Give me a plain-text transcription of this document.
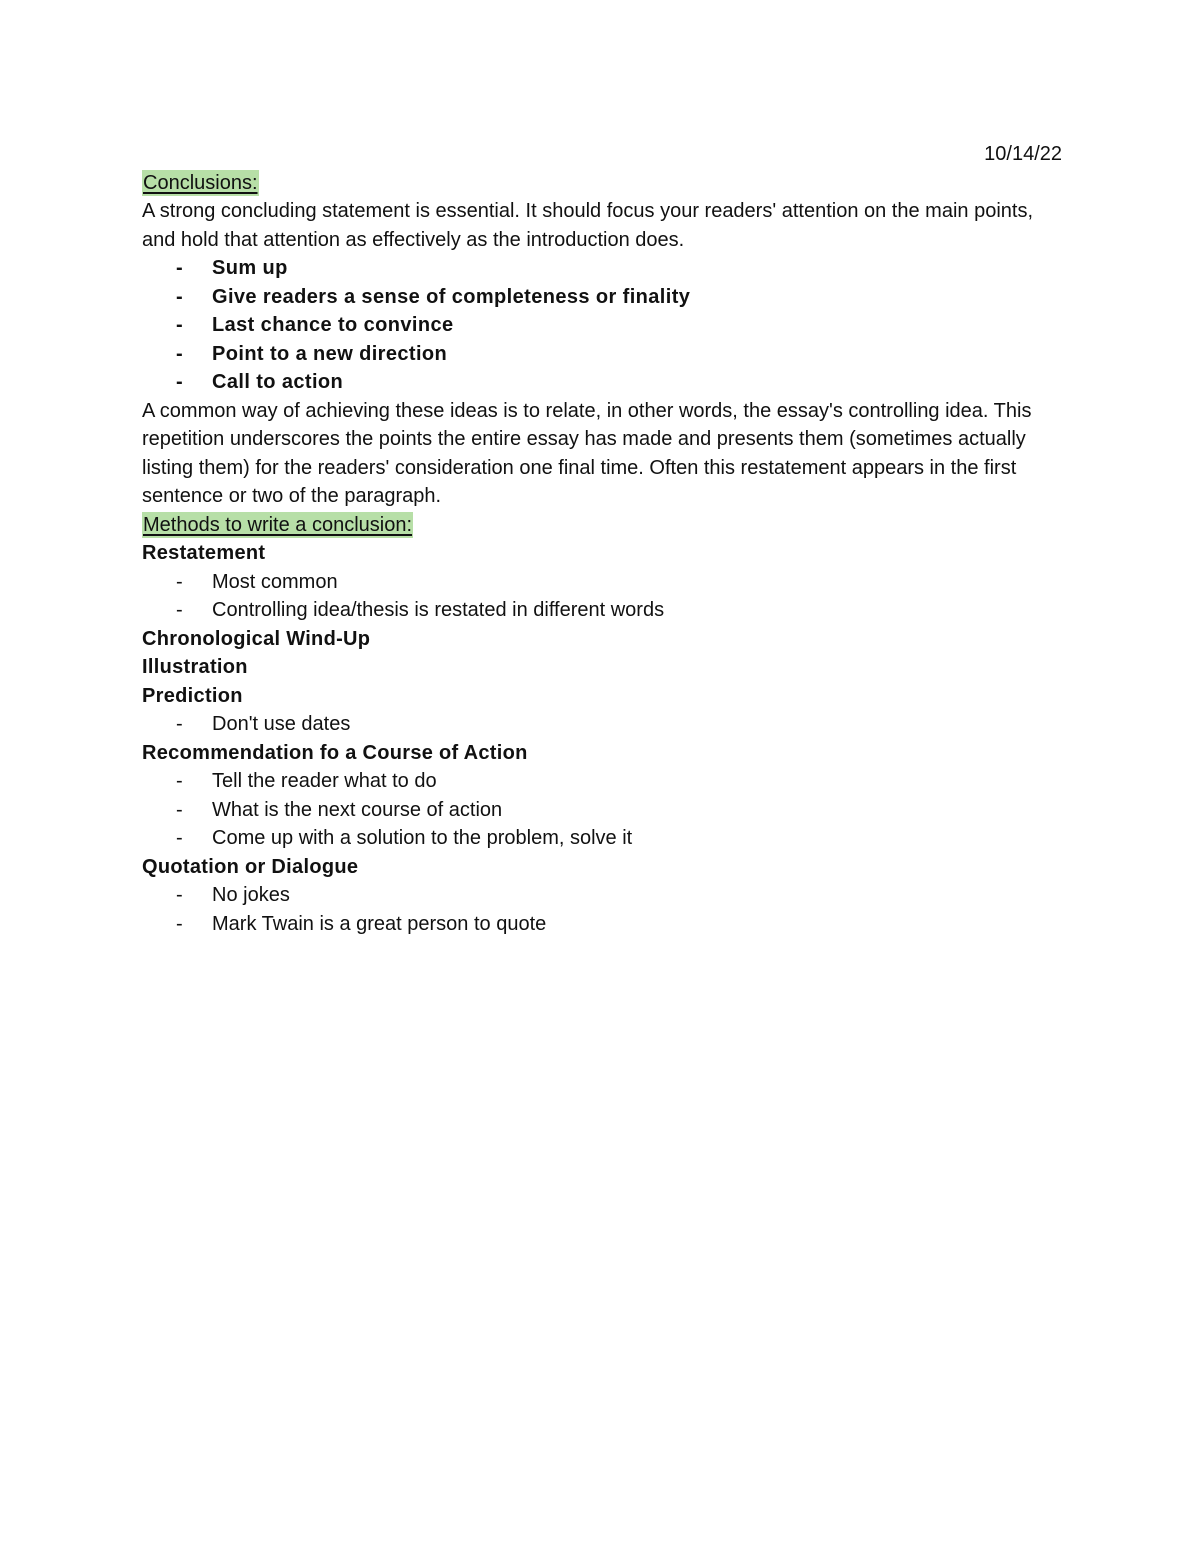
10/14/22
Conclusions:

A strong concluding statement is essential. It should focus your readers' attention on the main points, and hold that attention as effectively as the introduction does.

- Sum up
- Give readers a sense of completeness or finality
- Last chance to convince
- Point to a new direction
- Call to action

A common way of achieving these ideas is to relate, in other words, the essay's controlling idea. This repetition underscores the points the entire essay has made and presents them (sometimes actually listing them) for the readers' consideration one final time. Often this restatement appears in the first sentence or two of the paragraph.

Methods to write a conclusion:
Restatement
- Most common
- Controlling idea/thesis is restated in different words
Chronological Wind-Up
Illustration
Prediction
- Don't use dates
Recommendation fo a Course of Action
- Tell the reader what to do
- What is the next course of action
- Come up with a solution to the problem, solve it
Quotation or Dialogue
- No jokes
- Mark Twain is a great person to quote
